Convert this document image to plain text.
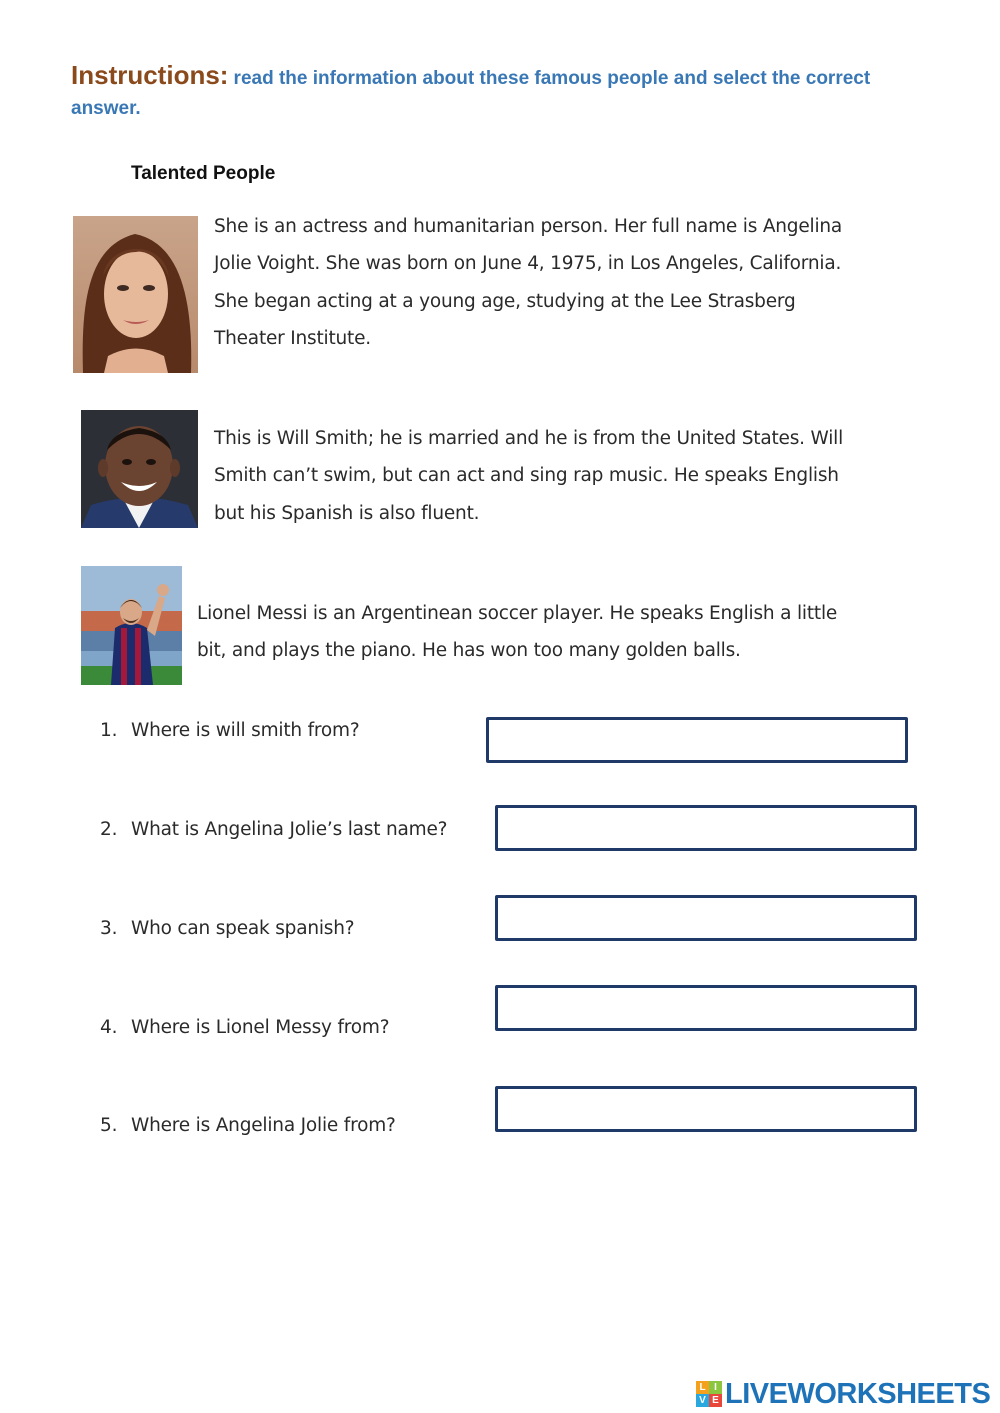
Instructions: read the information about these famous people and select the correct answer.
Talented People
She is an actress and humanitarian person. Her full name is Angelina Jolie Voight. She was born on June 4, 1975, in Los Angeles, California. She began acting at a young age, studying at the Lee Strasberg Theater Institute.
This is Will Smith; he is married and he is from the United States. Will Smith can’t swim, but can act and sing rap music. He speaks English but his Spanish is also fluent.
Lionel Messi is an Argentinean soccer player. He speaks English a little bit, and plays the piano. He has won too many golden balls.
1. Where is will smith from?
2. What is Angelina Jolie’s last name?
3. Who can speak spanish?
4. Where is Lionel Messy from?
5. Where is Angelina Jolie from?
L I
V E LIVEWORKSHEETS
